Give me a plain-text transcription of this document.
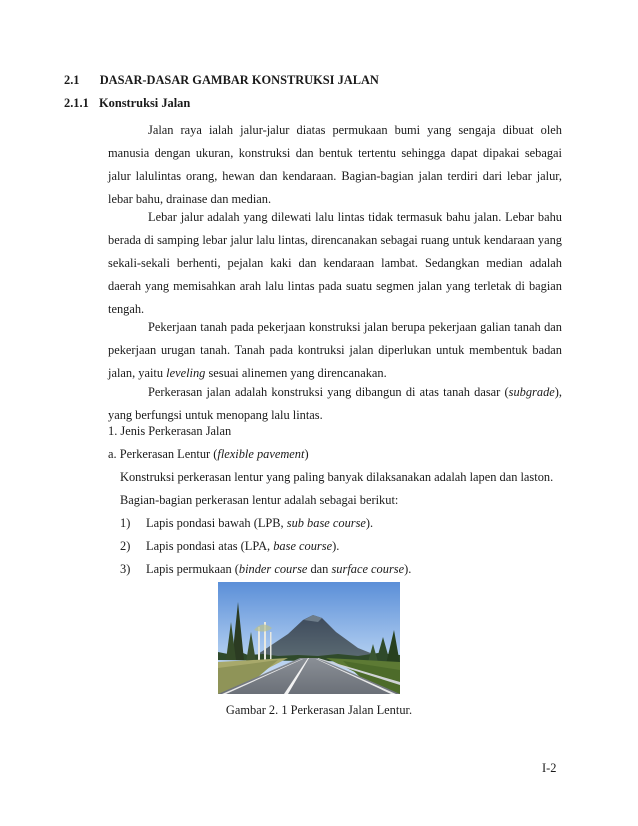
2.1 DASAR-DASAR GAMBAR KONSTRUKSI JALAN
2.1.1 Konstruksi Jalan
Jalan raya ialah jalur-jalur diatas permukaan bumi yang sengaja dibuat oleh manusia dengan ukuran, konstruksi dan bentuk tertentu sehingga dapat dipakai sebagai jalur lalulintas orang, hewan dan kendaraan. Bagian-bagian jalan terdiri dari lebar jalur, lebar bahu, drainase dan median.
Lebar jalur adalah yang dilewati lalu lintas tidak termasuk bahu jalan. Lebar bahu berada di samping lebar jalur lalu lintas, direncanakan sebagai ruang untuk kendaraan yang sekali-sekali berhenti, pejalan kaki dan kendaraan lambat. Sedangkan median adalah daerah yang memisahkan arah lalu lintas pada suatu segmen jalan yang terletak di bagian tengah.
Pekerjaan tanah pada pekerjaan konstruksi jalan berupa pekerjaan galian tanah dan pekerjaan urugan tanah. Tanah pada kontruksi jalan diperlukan untuk membentuk badan jalan, yaitu leveling sesuai alinemen yang direncanakan.
Perkerasan jalan adalah konstruksi yang dibangun di atas tanah dasar (subgrade), yang berfungsi untuk menopang lalu lintas.
1. Jenis Perkerasan Jalan
a. Perkerasan Lentur (flexible pavement)
Konstruksi perkerasan lentur yang paling banyak dilaksanakan adalah lapen dan laston.
Bagian-bagian perkerasan lentur adalah sebagai berikut:
1) Lapis pondasi bawah (LPB, sub base course).
2) Lapis pondasi atas (LPA, base course).
3) Lapis permukaan (binder course dan surface course).
Gambar 2. 1 Perkerasan Jalan Lentur.
I-2
